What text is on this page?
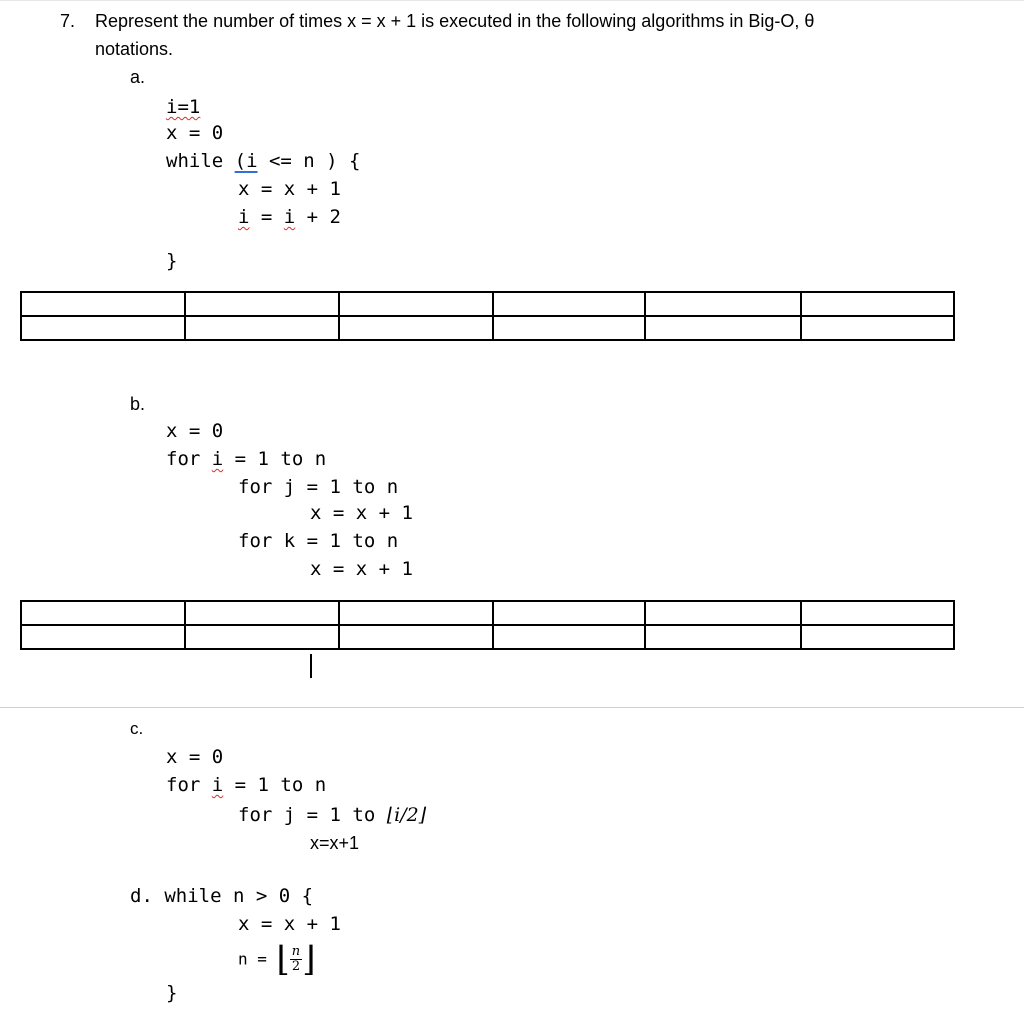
7. Represent the number of times x = x + 1 is executed in the following algorithms in Big-O, θ
notations.
a.
i=1
x = 0
while (i <= n ) {
x = x + 1
i = i + 2
}

b.
x = 0
for i = 1 to n
for j = 1 to n
x = x + 1
for k = 1 to n
x = x + 1

c.
x = 0
for i = 1 to n
for j = 1 to ⌊i/2⌋
x=x+1
d. while n > 0 {
x = x + 1
n = ⌊ $\frac{n}{2}$ ⌋
}
